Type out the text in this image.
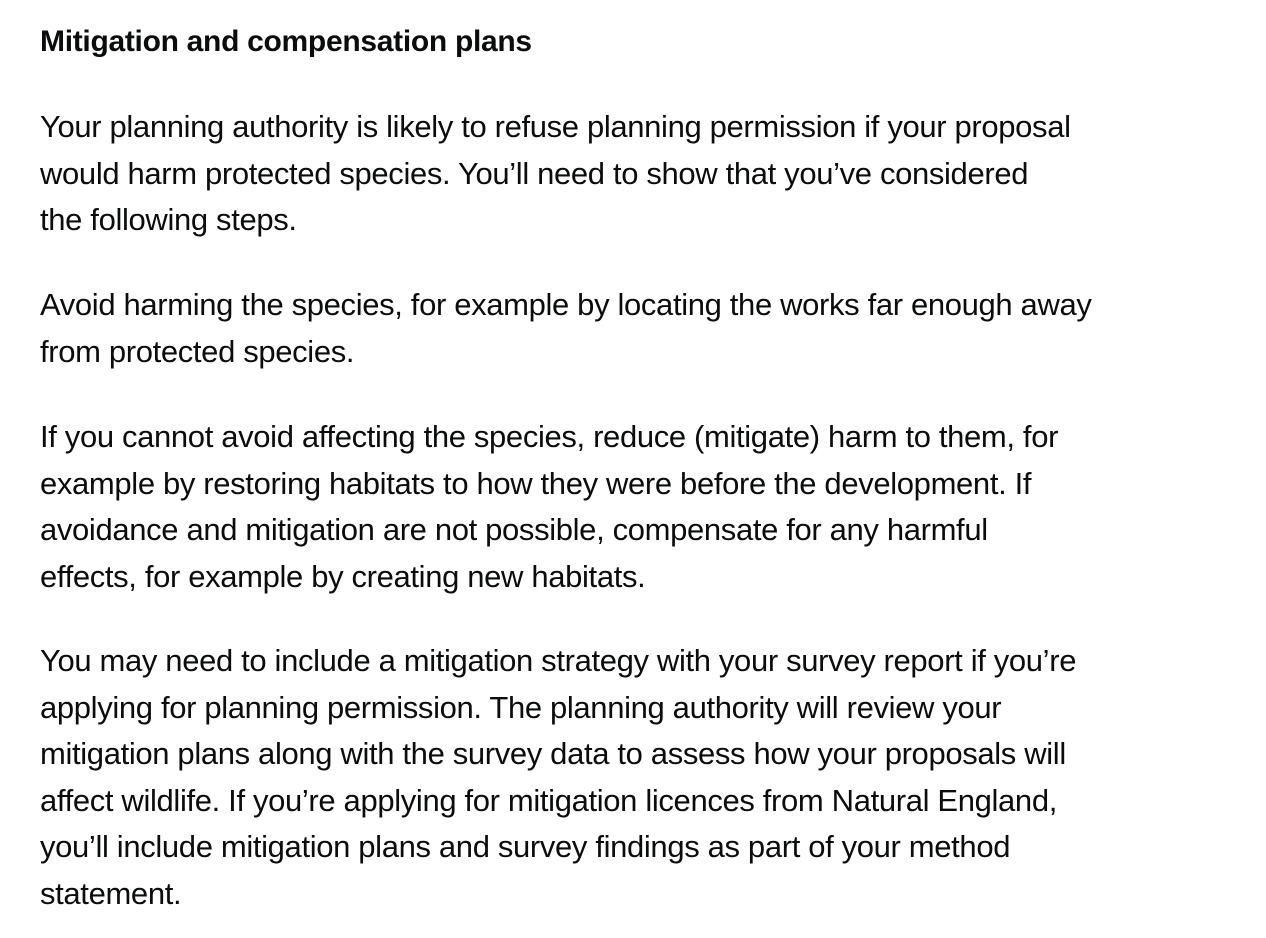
Mitigation and compensation plans

Your planning authority is likely to refuse planning permission if your proposal
would harm protected species. You’ll need to show that you’ve considered
the following steps.

Avoid harming the species, for example by locating the works far enough away
from protected species.

If you cannot avoid affecting the species, reduce (mitigate) harm to them, for
example by restoring habitats to how they were before the development. If
avoidance and mitigation are not possible, compensate for any harmful
effects, for example by creating new habitats.

You may need to include a mitigation strategy with your survey report if you’re
applying for planning permission. The planning authority will review your
mitigation plans along with the survey data to assess how your proposals will
affect wildlife. If you’re applying for mitigation licences from Natural England,
you’ll include mitigation plans and survey findings as part of your method
statement.
